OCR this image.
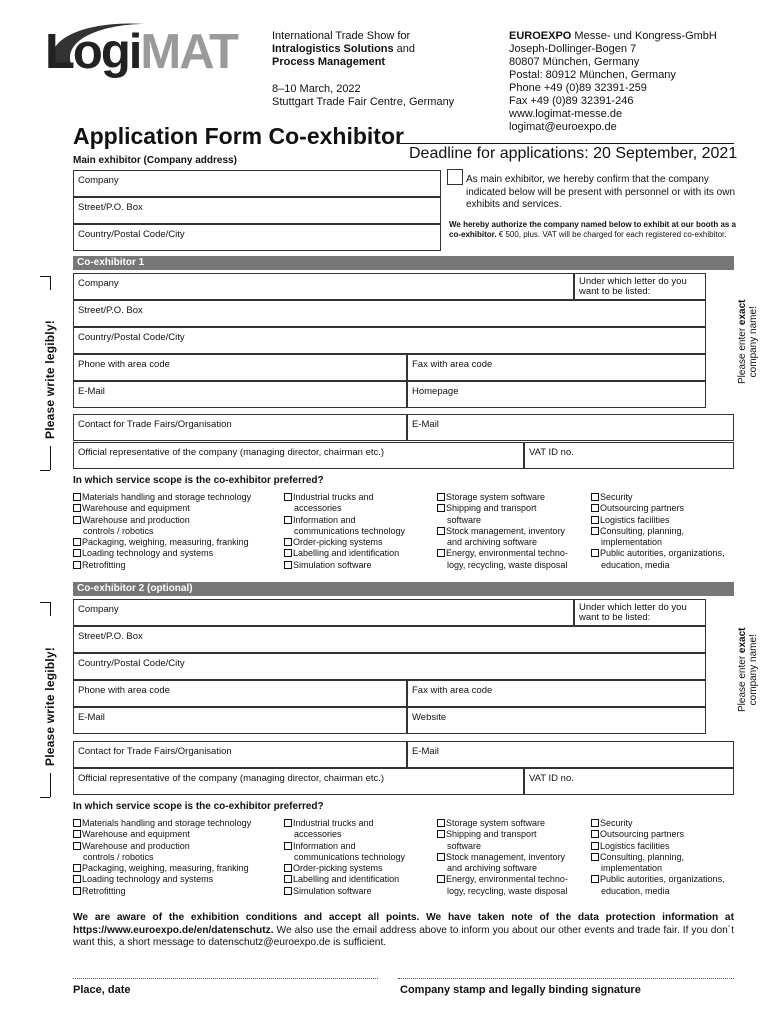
LogiMAT	International Trade Show for
Intralogistics Solutions and
Process Management
8–10 March, 2022
Stuttgart Trade Fair Centre, Germany
EUROEXPO Messe- und Kongress-GmbH
Joseph-Dollinger-Bogen 7
80807 München, Germany
Postal: 80912 München, Germany
Phone +49 (0)89 32391-259
Fax +49 (0)89 32391-246
www.logimat-messe.de
logimat@euroexpo.de
Application Form Co-exhibitor
Deadline for applications: 20 September, 2021
Main exhibitor (Company address)
Company
Street/P.O. Box
Country/Postal Code/City
As main exhibitor, we hereby confirm that the company indicated below will be present with personnel or with its own exhibits and services.
We hereby authorize the company named below to exhibit at our booth as a co-exhibitor. € 500, plus. VAT will be charged for each registered co-exhibitor.
Co-exhibitor 1
Please write legibly!
Company	Under which letter do you want to be listed:
Street/P.O. Box
Country/Postal Code/City
Phone with area code	Fax with area code
E-Mail	Homepage
Contact for Trade Fairs/Organisation	E-Mail
Official representative of the company (managing director, chairman etc.)	VAT ID no.
Please enter exact
company name!
In which service scope is the co-exhibitor preferred?
Materials handling and storage technology
Warehouse and equipment
Warehouse and production
controls / robotics
Packaging, weighing, measuring, franking
Loading technology and systems
Retrofitting
Industrial trucks and
accessories
Information and
communications technology
Order-picking systems
Labelling and identification
Simulation software
Storage system software
Shipping and transport
software
Stock management, inventory
and archiving software
Energy, environmental techno-
logy, recycling, waste disposal
Security
Outsourcing partners
Logistics facilities
Consulting, planning,
implementation
Public autorities, organizations,
education, media
Co-exhibitor 2 (optional)
Please write legibly!
Company	Under which letter do you want to be listed:
Street/P.O. Box
Country/Postal Code/City
Phone with area code	Fax with area code
E-Mail	Website
Contact for Trade Fairs/Organisation	E-Mail
Official representative of the company (managing director, chairman etc.)	VAT ID no.
Please enter exact
company name!
In which service scope is the co-exhibitor preferred?
Materials handling and storage technology
Warehouse and equipment
Warehouse and production
controls / robotics
Packaging, weighing, measuring, franking
Loading technology and systems
Retrofitting
Industrial trucks and
accessories
Information and
communications technology
Order-picking systems
Labelling and identification
Simulation software
Storage system software
Shipping and transport
software
Stock management, inventory
and archiving software
Energy, environmental techno-
logy, recycling, waste disposal
Security
Outsourcing partners
Logistics facilities
Consulting, planning,
implementation
Public autorities, organizations,
education, media
We are aware of the exhibition conditions and accept all points. We have taken note of the data protection information at https://www.euroexpo.de/en/datenschutz. We also use the email address above to inform you about our other events and trade fair. If you don´t want this, a short message to datenschutz@euroexpo.de is sufficient.
Place, date	Company stamp and legally binding signature
